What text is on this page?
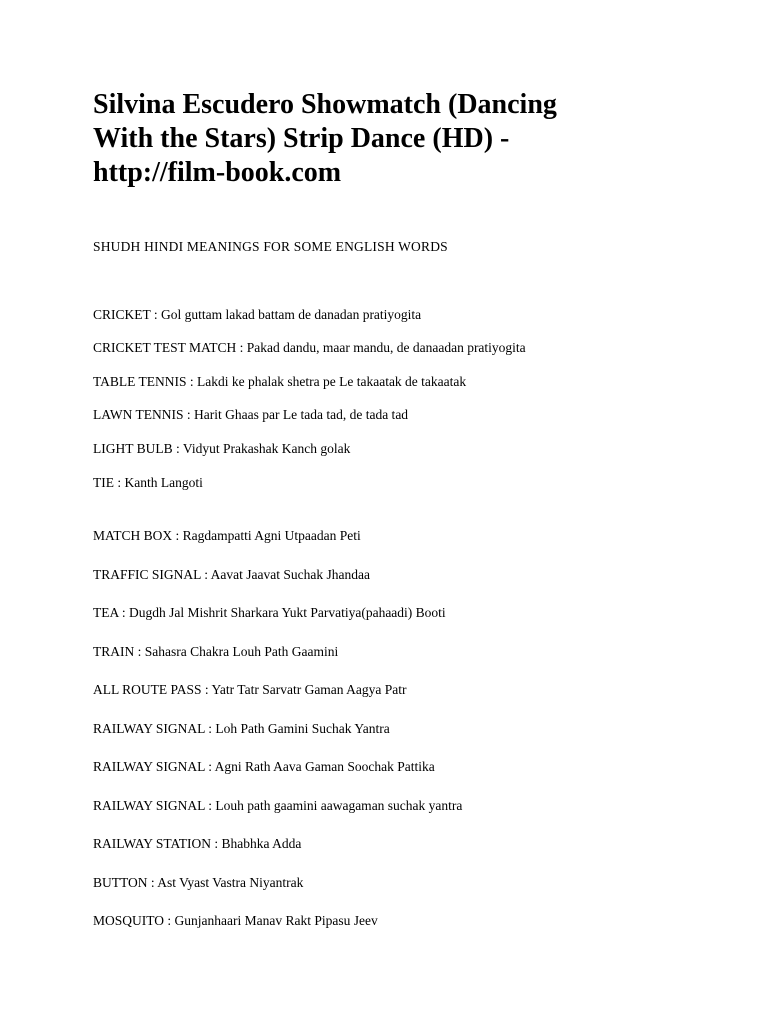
Silvina Escudero Showmatch (Dancing
With the Stars) Strip Dance (HD) -
http://film-book.com

SHUDH HINDI MEANINGS FOR SOME ENGLISH WORDS

CRICKET : Gol guttam lakad battam de danadan pratiyogita

CRICKET TEST MATCH : Pakad dandu, maar mandu, de danaadan pratiyogita

TABLE TENNIS : Lakdi ke phalak shetra pe Le takaatak de takaatak

LAWN TENNIS : Harit Ghaas par Le tada tad, de tada tad

LIGHT BULB : Vidyut Prakashak Kanch golak

TIE : Kanth Langoti

MATCH BOX : Ragdampatti Agni Utpaadan Peti

TRAFFIC SIGNAL : Aavat Jaavat Suchak Jhandaa

TEA : Dugdh Jal Mishrit Sharkara Yukt Parvatiya(pahaadi) Booti

TRAIN : Sahasra Chakra Louh Path Gaamini

ALL ROUTE PASS : Yatr Tatr Sarvatr Gaman Aagya Patr

RAILWAY SIGNAL : Loh Path Gamini Suchak Yantra

RAILWAY SIGNAL : Agni Rath Aava Gaman Soochak Pattika

RAILWAY SIGNAL : Louh path gaamini aawagaman suchak yantra

RAILWAY STATION : Bhabhka Adda

BUTTON : Ast Vyast Vastra Niyantrak

MOSQUITO : Gunjanhaari Manav Rakt Pipasu Jeev
